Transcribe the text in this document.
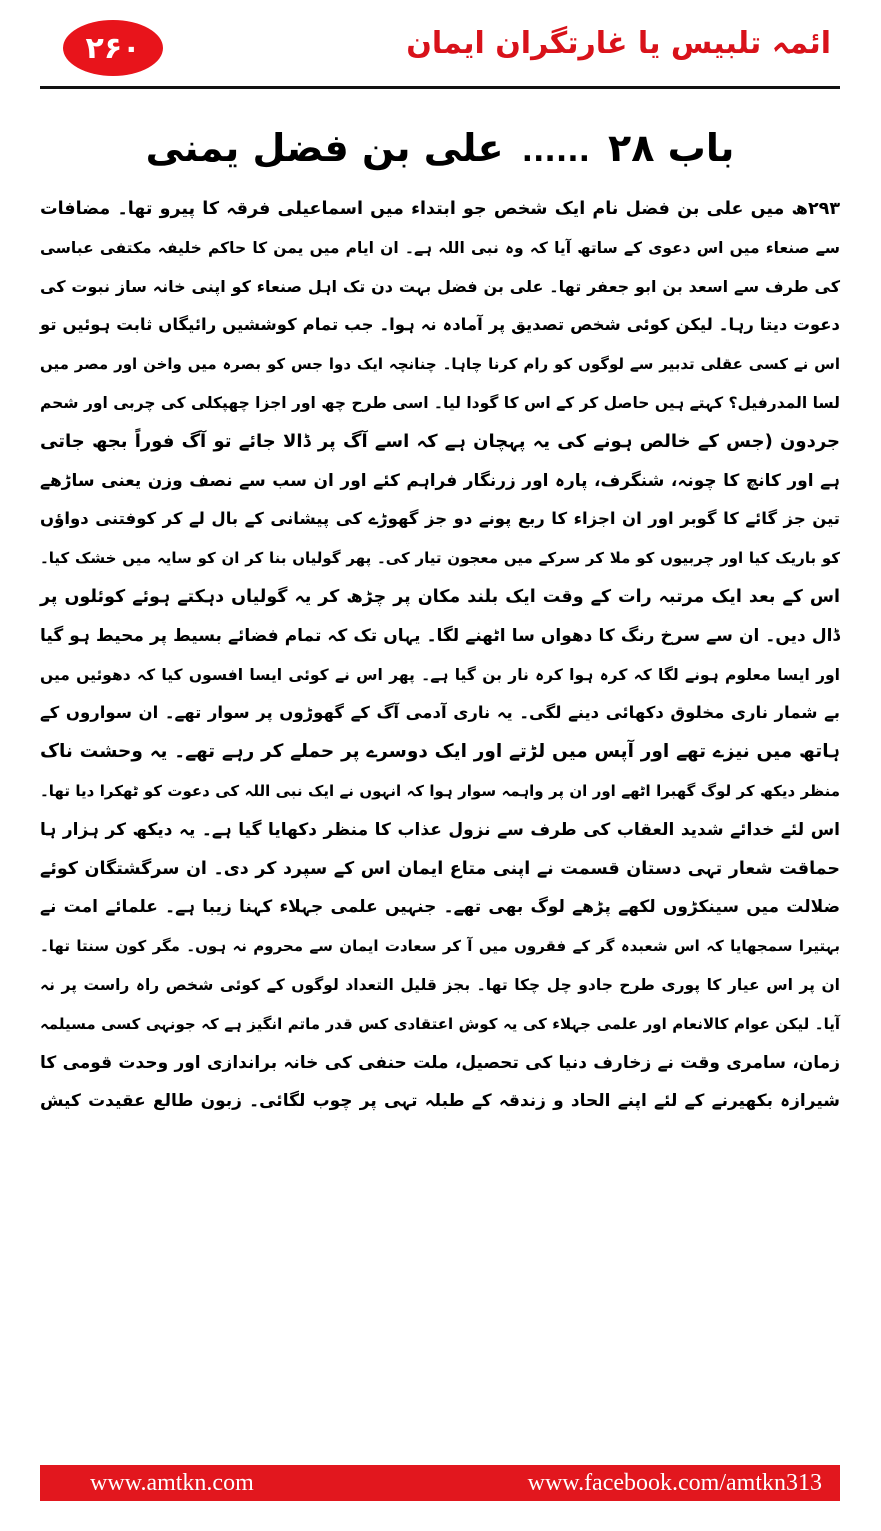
۲۶۰	ائمہ تلبیس یا غارتگران ایمان
باب ۲۸......علی بن فضل یمنی
۲۹۳ھ میں علی بن فضل نام ایک شخص جو ابتداء میں اسماعیلی فرقہ کا پیرو تھا۔ مضافات
سے صنعاء میں اس دعوی کے ساتھ آیا کہ وہ نبی اللہ ہے۔ ان ایام میں یمن کا حاکم خلیفہ مکتفی عباسی
کی طرف سے اسعد بن ابو جعفر تھا۔ علی بن فضل بہت دن تک اہل صنعاء کو اپنی خانہ ساز نبوت کی
دعوت دیتا رہا۔ لیکن کوئی شخص تصدیق پر آمادہ نہ ہوا۔ جب تمام کوششیں رائیگاں ثابت ہوئیں تو
اس نے کسی عقلی تدبیر سے لوگوں کو رام کرنا چاہا۔ چنانچہ ایک دوا جس کو بصرہ میں واخن اور مصر میں
لسا المدرفیل؟ کہتے ہیں حاصل کر کے اس کا گودا لیا۔ اسی طرح چھ اور اجزا چھپکلی کی چربی اور شحم
جردون (جس کے خالص ہونے کی یہ پہچان ہے کہ اسے آگ پر ڈالا جائے تو آگ فوراً بجھ جاتی
ہے اور کانچ کا چونہ، شنگرف، پارہ اور زرنگار فراہم کئے اور ان سب سے نصف وزن یعنی ساڑھے
تین جز گائے کا گوبر اور ان اجزاء کا ربع پونے دو جز گھوڑے کی پیشانی کے بال لے کر کوفتنی دواؤں
کو باریک کیا اور چربیوں کو ملا کر سرکے میں معجون تیار کی۔ پھر گولیاں بنا کر ان کو سایہ میں خشک کیا۔
اس کے بعد ایک مرتبہ رات کے وقت ایک بلند مکان پر چڑھ کر یہ گولیاں دہکتے ہوئے کوئلوں پر
ڈال دیں۔ ان سے سرخ رنگ کا دھواں سا اٹھنے لگا۔ یہاں تک کہ تمام فضائے بسیط پر محیط ہو گیا
اور ایسا معلوم ہونے لگا کہ کرہ ہوا کرہ نار بن گیا ہے۔ پھر اس نے کوئی ایسا افسوں کیا کہ دھوئیں میں
بے شمار ناری مخلوق دکھائی دینے لگی۔ یہ ناری آدمی آگ کے گھوڑوں پر سوار تھے۔ ان سواروں کے
ہاتھ میں نیزے تھے اور آپس میں لڑتے اور ایک دوسرے پر حملے کر رہے تھے۔ یہ وحشت ناک
منظر دیکھ کر لوگ گھبرا اٹھے اور ان پر واہمہ سوار ہوا کہ انہوں نے ایک نبی اللہ کی دعوت کو ٹھکرا دیا تھا۔
اس لئے خدائے شدید العقاب کی طرف سے نزول عذاب کا منظر دکھایا گیا ہے۔ یہ دیکھ کر ہزار ہا
حماقت شعار تہی دستان قسمت نے اپنی متاع ایمان اس کے سپرد کر دی۔ ان سرگشتگان کوئے
ضلالت میں سینکڑوں لکھے پڑھے لوگ بھی تھے۔ جنہیں علمی جہلاء کہنا زیبا ہے۔ علمائے امت نے
بہتیرا سمجھایا کہ اس شعبدہ گر کے فقروں میں آ کر سعادت ایمان سے محروم نہ ہوں۔ مگر کون سنتا تھا۔
ان پر اس عیار کا پوری طرح جادو چل چکا تھا۔ بجز قلیل التعداد لوگوں کے کوئی شخص راہ راست پر نہ
آیا۔ لیکن عوام کالانعام اور علمی جہلاء کی یہ کوش اعتقادی کس قدر ماتم انگیز ہے کہ جونہی کسی مسیلمہ
زمان، سامری وقت نے زخارف دنیا کی تحصیل، ملت حنفی کی خانہ براندازی اور وحدت قومی کا
شیرازہ بکھیرنے کے لئے اپنے الحاد و زندقہ کے طبلہ تہی پر چوب لگائی۔ زبون طالع عقیدت کیش
www.amtkn.com	www.facebook.com/amtkn313
